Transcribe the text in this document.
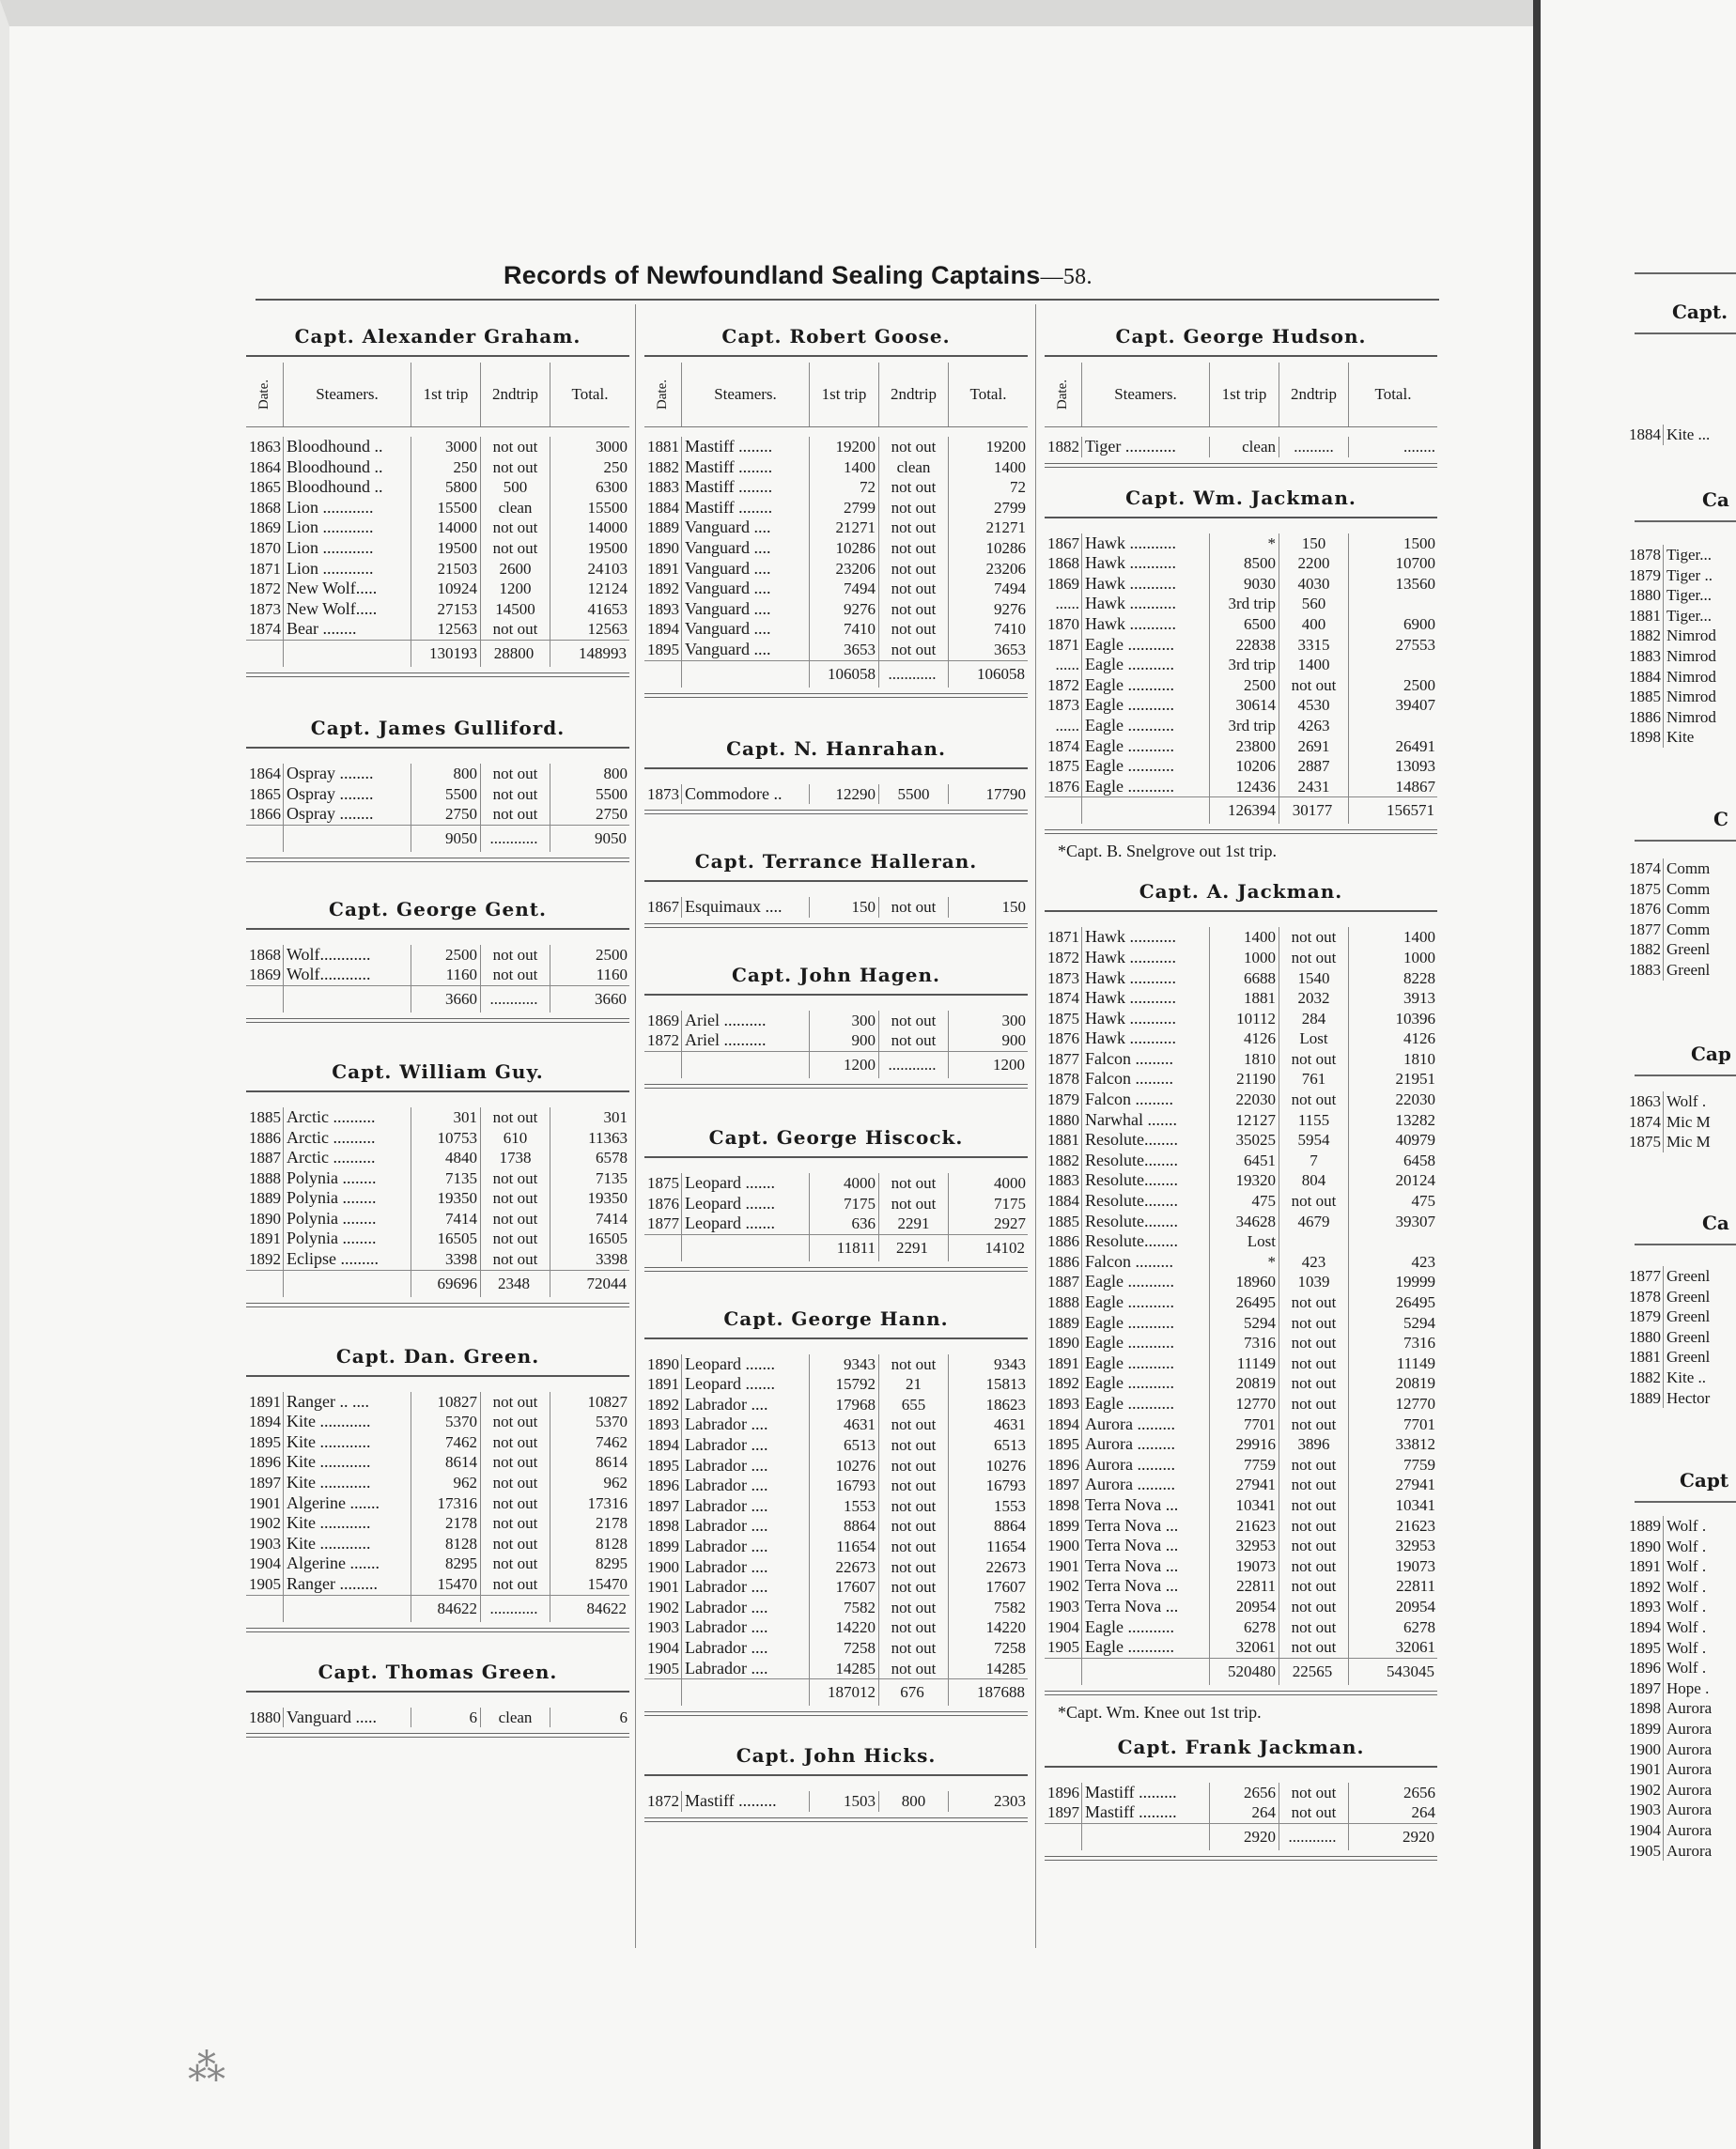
Records of Newfoundland Sealing Captains—58.
Capt. Alexander Graham.
Date.	Steamers.	1st trip 2ndtrip Total.
1863 Bloodhound ..	3000 not out	3000
1864 Bloodhound ..	250 not out	250
1865 Bloodhound ..	5800	500	6300
1868 Lion ............	15500	clean	15500
1869 Lion ............	14000 not out	14000
1870 Lion ............	19500 not out	19500
1871 Lion ............	21503	2600	24103
1872 New Wolf.....	10924	1200	12124
1873 New Wolf.....	27153	14500	41653
1874 Bear ........	12563 not out	12563
130193	28800	148993
Capt. James Gulliford.
1864 Ospray ........	800 not out	800
1865 Ospray ........	5500 not out	5500
1866 Ospray ........	2750 not out	2750
9050 ............	9050
Capt. George Gent.
1868 Wolf............	2500 not out	2500
1869 Wolf............	1160 not out	1160
3660 ............	3660
Capt. William Guy.
1885 Arctic ..........	301 not out	301
1886 Arctic ..........	10753	610	11363
1887 Arctic ..........	4840	1738	6578
1888 Polynia ........	7135 not out	7135
1889 Polynia ........	19350 not out	19350
1890 Polynia ........	7414 not out	7414
1891 Polynia ........	16505 not out	16505
1892 Eclipse .........	3398 not out	3398
69696	2348	72044
Capt. Dan. Green.
1891 Ranger .. ....	10827 not out	10827
1894 Kite ............	5370 not out	5370
1895 Kite ............	7462 not out	7462
1896 Kite ............	8614 not out	8614
1897 Kite ............	962 not out	962
1901 Algerine .......	17316 not out	17316
1902 Kite ............	2178 not out	2178
1903 Kite ............	8128 not out	8128
1904 Algerine .......	8295 not out	8295
1905 Ranger .........	15470 not out	15470
84622 ............	84622
Capt. Thomas Green.
1880 Vanguard .....	6	clean	6
Capt. Robert Goose.
Date.	Steamers.	1st trip 2ndtrip Total.
1881 Mastiff ........	19200 not out	19200
1882 Mastiff ........	1400	clean	1400
1883 Mastiff ........	72 not out	72
1884 Mastiff ........	2799 not out	2799
1889 Vanguard ....	21271 not out	21271
1890 Vanguard ....	10286 not out	10286
1891 Vanguard ....	23206 not out	23206
1892 Vanguard ....	7494 not out	7494
1893 Vanguard ....	9276 not out	9276
1894 Vanguard ....	7410 not out	7410
1895 Vanguard ....	3653 not out	3653
106058 ............	106058
Capt. N. Hanrahan.
1873 Commodore ..	12290	5500	17790
Capt. Terrance Halleran.
1867 Esquimaux ....	150 not out	150
Capt. John Hagen.
1869 Ariel ..........	300 not out	300
1872 Ariel ..........	900 not out	900
1200 ............	1200
Capt. George Hiscock.
1875 Leopard .......	4000 not out	4000
1876 Leopard .......	7175 not out	7175
1877 Leopard .......	636	2291	2927
11811	2291	14102
Capt. George Hann.
1890 Leopard .......	9343 not out	9343
1891 Leopard .......	15792	21	15813
1892 Labrador ....	17968	655	18623
1893 Labrador ....	4631 not out	4631
1894 Labrador ....	6513 not out	6513
1895 Labrador ....	10276 not out	10276
1896 Labrador ....	16793 not out	16793
1897 Labrador ....	1553 not out	1553
1898 Labrador ....	8864 not out	8864
1899 Labrador ....	11654 not out	11654
1900 Labrador ....	22673 not out	22673
1901 Labrador ....	17607 not out	17607
1902 Labrador ....	7582 not out	7582
1903 Labrador ....	14220 not out	14220
1904 Labrador ....	7258 not out	7258
1905 Labrador ....	14285 not out	14285
187012	676	187688
Capt. John Hicks.
1872 Mastiff .........	1503	800	2303
Capt. George Hudson.
Date.	Steamers.	1st trip 2ndtrip Total.
1882 Tiger ............	clean	..........	........
Capt. Wm. Jackman.
1867 Hawk ...........	*	150	1500
1868 Hawk ...........	8500	2200	10700
1869 Hawk ...........	9030	4030	13560
...... Hawk ...........	3rd trip	560
1870 Hawk ...........	6500	400	6900
1871 Eagle ...........	22838	3315	27553
...... Eagle ...........	3rd trip	1400
1872 Eagle ...........	2500 not out	2500
1873 Eagle ...........	30614	4530	39407
...... Eagle ...........	3rd trip	4263
1874 Eagle ...........	23800	2691	26491
1875 Eagle ...........	10206	2887	13093
1876 Eagle ...........	12436	2431	14867
126394	30177	156571
*Capt. B. Snelgrove out 1st trip.
Capt. A. Jackman.
1871 Hawk ...........	1400 not out	1400
1872 Hawk ...........	1000 not out	1000
1873 Hawk ...........	6688	1540	8228
1874 Hawk ...........	1881	2032	3913
1875 Hawk ...........	10112	284	10396
1876 Hawk ...........	4126	Lost	4126
1877 Falcon .........	1810 not out	1810
1878 Falcon .........	21190	761	21951
1879 Falcon .........	22030 not out	22030
1880 Narwhal .......	12127	1155	13282
1881 Resolute........	35025	5954	40979
1882 Resolute........	6451	7	6458
1883 Resolute........	19320	804	20124
1884 Resolute........	475 not out	475
1885 Resolute........	34628	4679	39307
1886 Resolute........	Lost
1886 Falcon .........	*	423	423
1887 Eagle ...........	18960	1039	19999
1888 Eagle ...........	26495 not out	26495
1889 Eagle ...........	5294 not out	5294
1890 Eagle ...........	7316 not out	7316
1891 Eagle ...........	11149 not out	11149
1892 Eagle ...........	20819 not out	20819
1893 Eagle ...........	12770 not out	12770
1894 Aurora .........	7701 not out	7701
1895 Aurora .........	29916	3896	33812
1896 Aurora .........	7759 not out	7759
1897 Aurora .........	27941 not out	27941
1898 Terra Nova ...	10341 not out	10341
1899 Terra Nova ...	21623 not out	21623
1900 Terra Nova ...	32953 not out	32953
1901 Terra Nova ...	19073 not out	19073
1902 Terra Nova ...	22811 not out	22811
1903 Terra Nova ...	20954 not out	20954
1904 Eagle ...........	6278 not out	6278
1905 Eagle ...........	32061 not out	32061
520480	22565	543045
*Capt. Wm. Knee out 1st trip.
Capt. Frank Jackman.
1896 Mastiff .........	2656 not out	2656
1897 Mastiff .........	264 not out	264
2920 ............	2920
⁂
Capt.
1884 Kite ...
Ca
1878 Tiger...
1879 Tiger ..
1880 Tiger...
1881 Tiger...
1882 Nimrod
1883 Nimrod
1884 Nimrod
1885 Nimrod
1886 Nimrod
1898 Kite
C
1874 Comm
1875 Comm
1876 Comm
1877 Comm
1882 Greenl
1883 Greenl
Cap
1863 Wolf .
1874 Mic M
1875 Mic M
Ca
1877 Greenl
1878 Greenl
1879 Greenl
1880 Greenl
1881 Greenl
1882 Kite ..
1889 Hector
Capt
1889 Wolf .
1890 Wolf .
1891 Wolf .
1892 Wolf .
1893 Wolf .
1894 Wolf .
1895 Wolf .
1896 Wolf .
1897 Hope .
1898 Aurora
1899 Aurora
1900 Aurora
1901 Aurora
1902 Aurora
1903 Aurora
1904 Aurora
1905 Aurora
